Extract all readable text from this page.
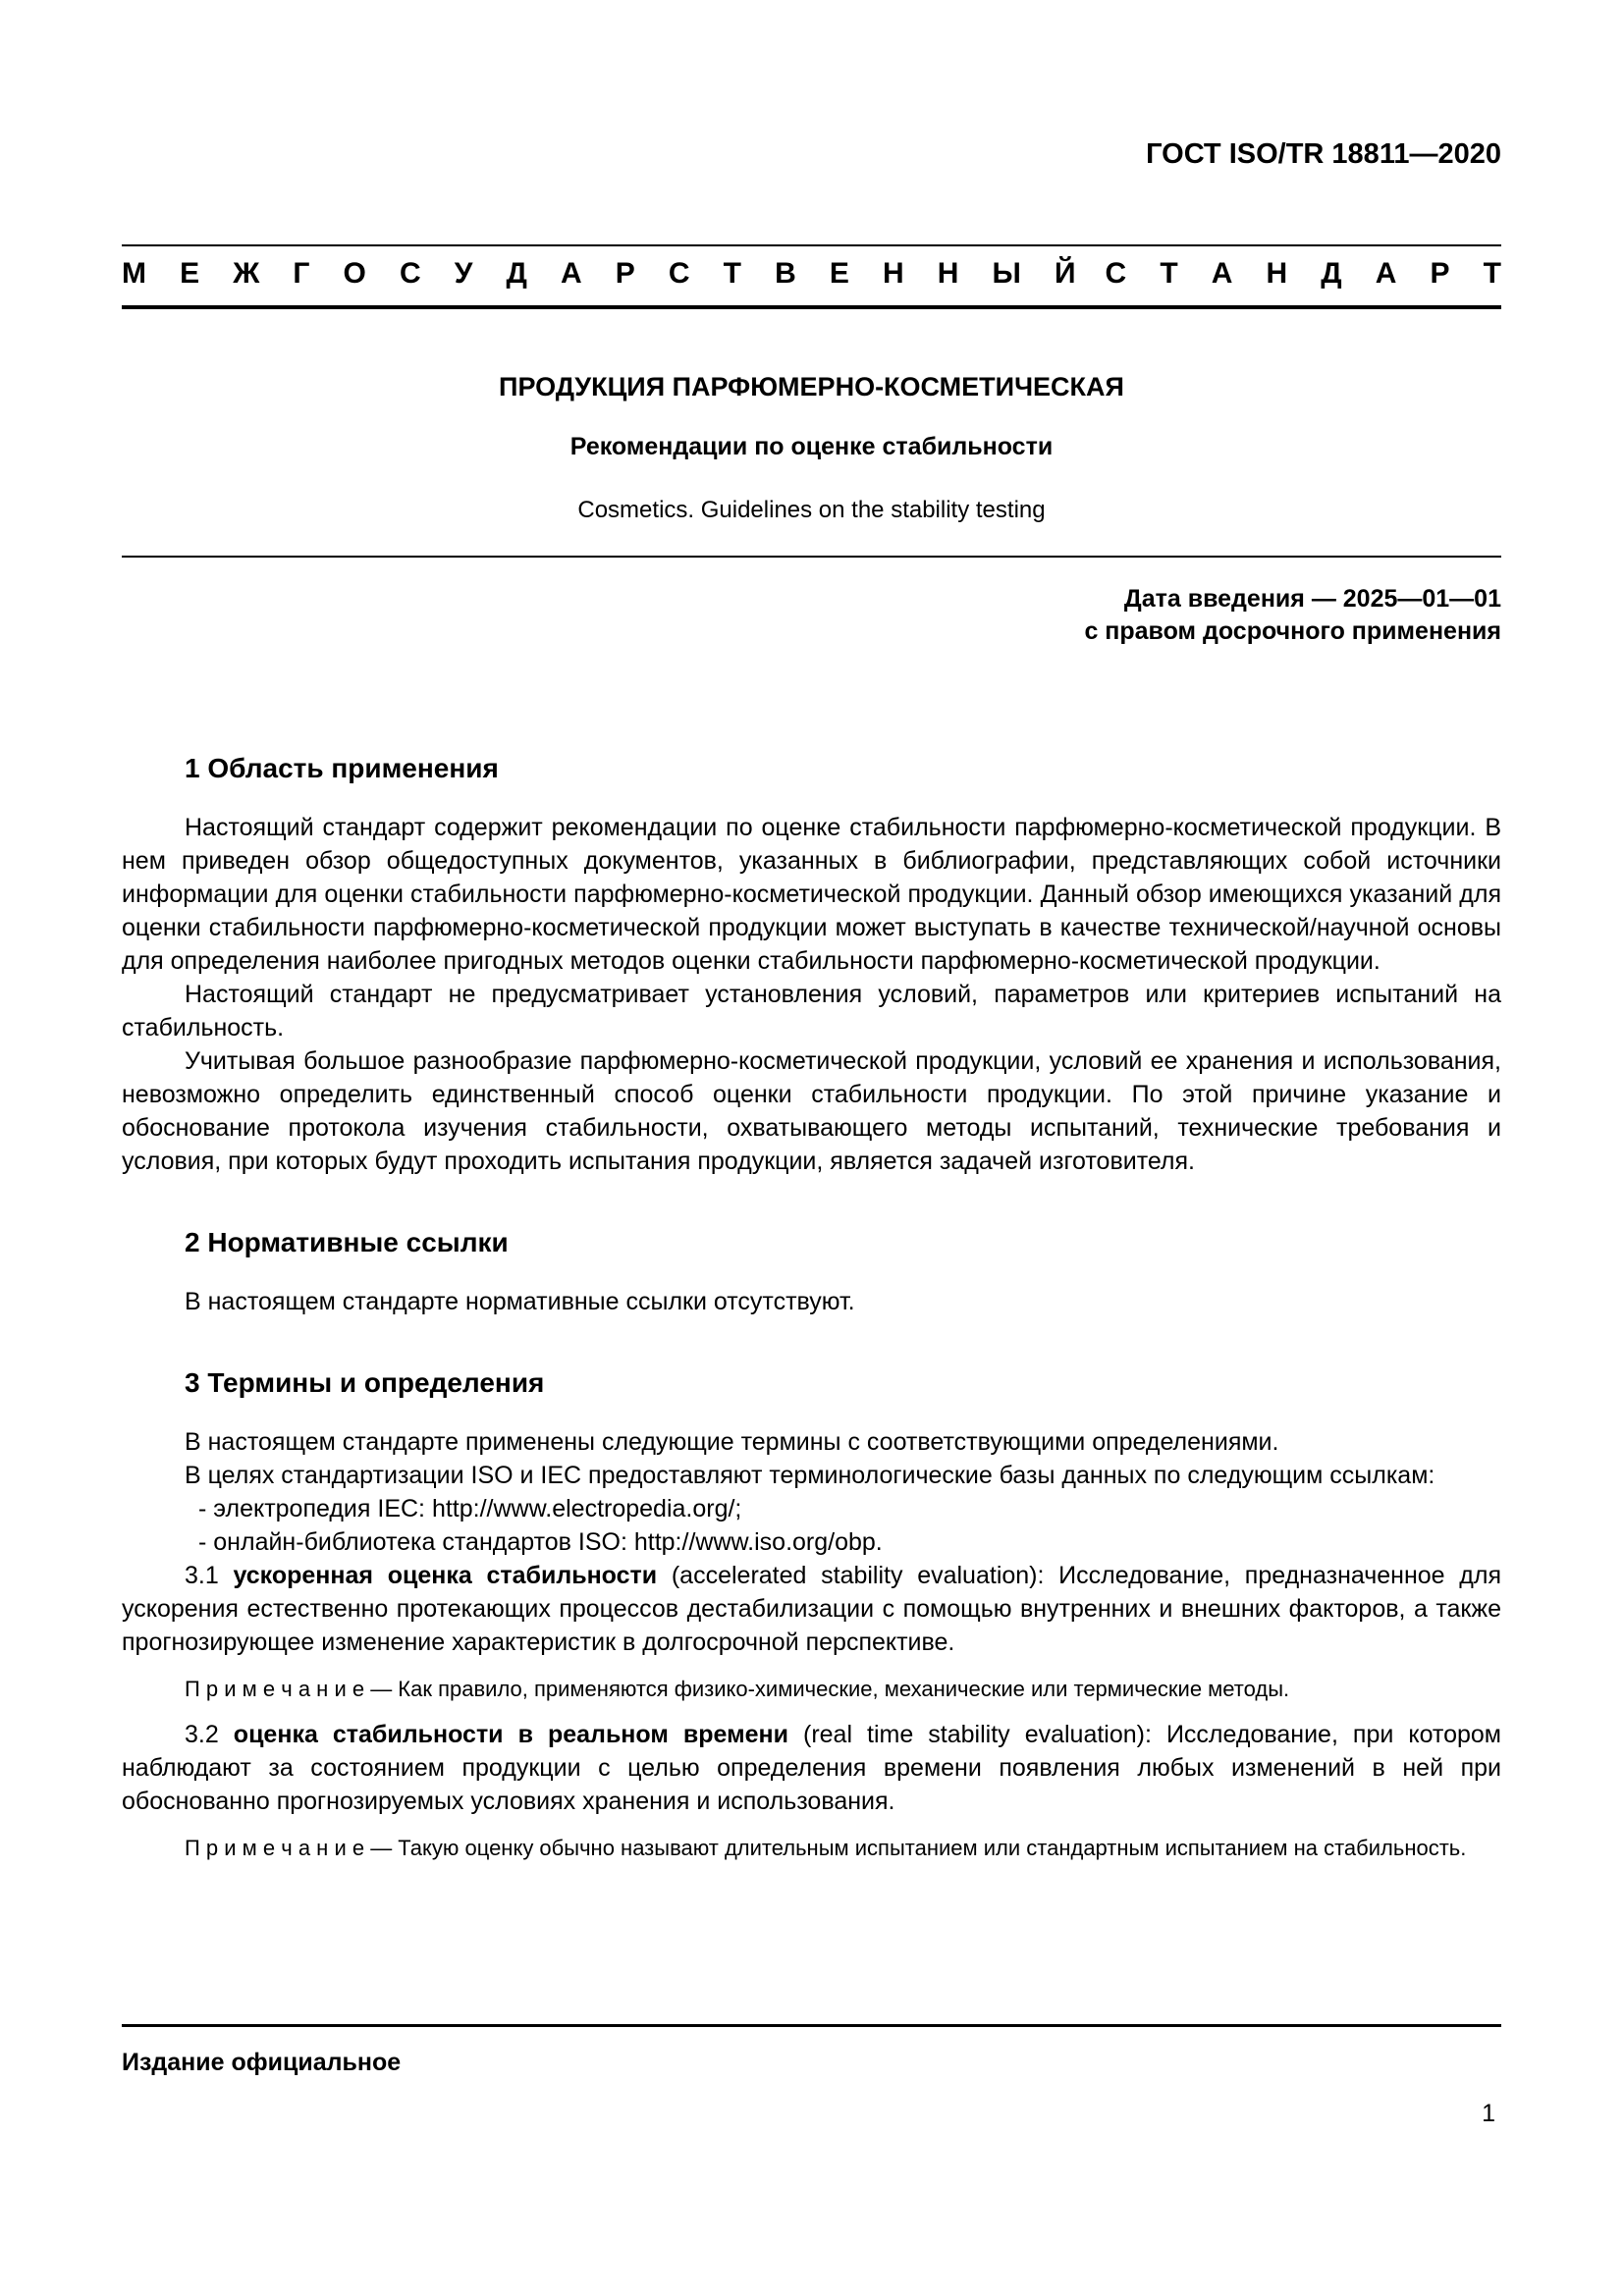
ГОСТ ISO/TR 18811—2020
М Е Ж Г О С У Д А Р С Т В Е Н Н Ы Й С Т А Н Д А Р Т
ПРОДУКЦИЯ ПАРФЮМЕРНО-КОСМЕТИЧЕСКАЯ
Рекомендации по оценке стабильности
Cosmetics. Guidelines on the stability testing
Дата введения — 2025—01—01
с правом досрочного применения
1 Область применения

Настоящий стандарт содержит рекомендации по оценке стабильности парфюмерно-косметической продукции. В нем приведен обзор общедоступных документов, указанных в библиографии, представляющих собой источники информации для оценки стабильности парфюмерно-косметической продукции. Данный обзор имеющихся указаний для оценки стабильности парфюмерно-косметической продукции может выступать в качестве технической/научной основы для определения наиболее пригодных методов оценки стабильности парфюмерно-косметической продукции.

Настоящий стандарт не предусматривает установления условий, параметров или критериев испытаний на стабильность.

Учитывая большое разнообразие парфюмерно-косметической продукции, условий ее хранения и использования, невозможно определить единственный способ оценки стабильности продукции. По этой причине указание и обоснование протокола изучения стабильности, охватывающего методы испытаний, технические требования и условия, при которых будут проходить испытания продукции, является задачей изготовителя.

2 Нормативные ссылки

В настоящем стандарте нормативные ссылки отсутствуют.

3 Термины и определения

В настоящем стандарте применены следующие термины с соответствующими определениями.

В целях стандартизации ISO и IEC предоставляют терминологические базы данных по следующим ссылкам:

- электропедия IEC: http://www.electropedia.org/;

- онлайн-библиотека стандартов ISO: http://www.iso.org/obp.

3.1 ускоренная оценка стабильности (accelerated stability evaluation): Исследование, предназначенное для ускорения естественно протекающих процессов дестабилизации с помощью внутренних и внешних факторов, а также прогнозирующее изменение характеристик в долгосрочной перспективе.

П р и м е ч а н и е — Как правило, применяются физико-химические, механические или термические методы.

3.2 оценка стабильности в реальном времени (real time stability evaluation): Исследование, при котором наблюдают за состоянием продукции с целью определения времени появления любых изменений в ней при обоснованно прогнозируемых условиях хранения и использования.

П р и м е ч а н и е — Такую оценку обычно называют длительным испытанием или стандартным испытанием на стабильность.

Издание официальное
1
